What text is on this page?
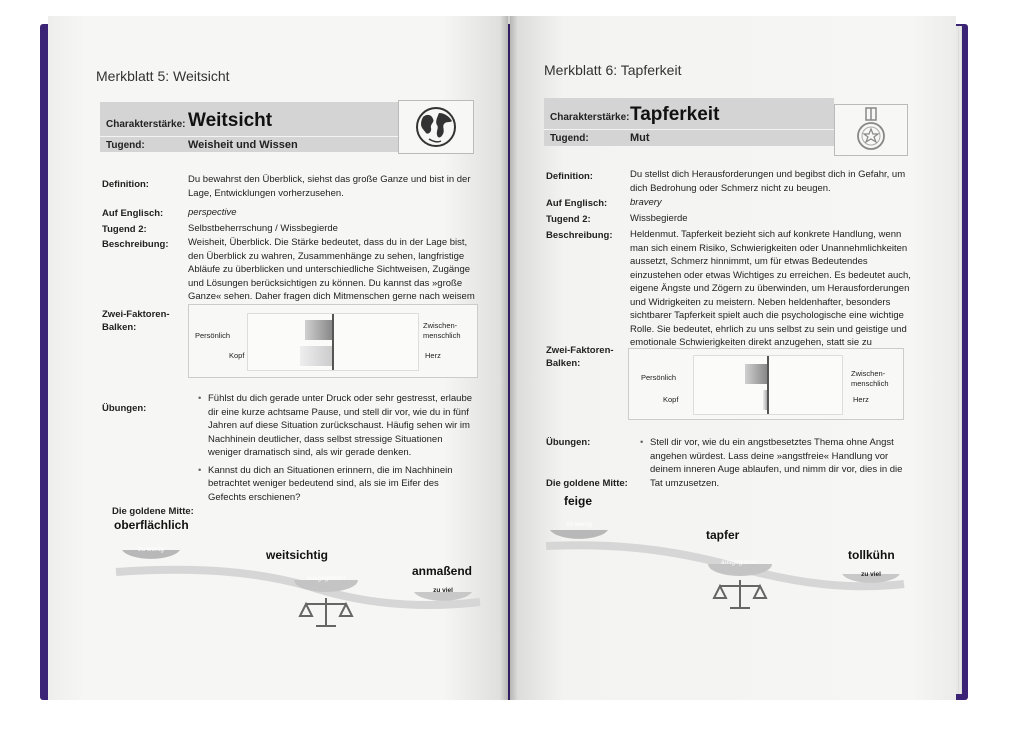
Merkblatt 5: Weitsicht
Charakterstärke: Weitsicht
Tugend:	Weisheit und Wissen
Definition:	Du bewahrst den Überblick, siehst das große Ganze und bist in der Lage, Entwicklungen vorherzusehen.
Auf Englisch:	perspective
Tugend 2:	Selbstbeherrschung / Wissbegierde
Beschreibung: Weisheit, Überblick. Die Stärke bedeutet, dass du in der Lage bist, den Überblick zu wahren, Zusammenhänge zu sehen, langfristige Abläufe zu überblicken und unterschiedliche Sichtweisen, Zugänge und Lösungen berücksichtigen zu können. Du kannst das »große Ganze« sehen. Daher fragen dich Mitmenschen gerne nach weisem
Zwei-Faktoren-Balken:
Persönlich
Kopf
Zwischen-menschlich
Herz
Übungen:
• Fühlst du dich gerade unter Druck oder sehr gestresst, erlaube dir eine kurze achtsame Pause, und stell dir vor, wie du in fünf Jahren auf diese Situation zurückschaust. Häufig sehen wir im Nachhinein deutlicher, dass selbst stressige Situationen weniger dramatisch sind, als wir gerade denken.
• Kannst du dich an Situationen erinnern, die im Nachhinein betrachtet weniger bedeutend sind, als sie im Eifer des Gefechts erschienen?
Die goldene Mitte:
oberflächlich
weitsichtig
anmaßend
zu wenig
ausgeglichen
zu viel
Merkblatt 6: Tapferkeit
Charakterstärke: Tapferkeit
Tugend:	Mut
Definition:	Du stellst dich Herausforderungen und begibst dich in Gefahr, um dich Bedrohung oder Schmerz nicht zu beugen.
Auf Englisch: bravery
Tugend 2:	Wissbegierde
Beschreibung: Heldenmut. Tapferkeit bezieht sich auf konkrete Handlung, wenn man sich einem Risiko, Schwierigkeiten oder Unannehmlichkeiten aussetzt, Schmerz hinnimmt, um für etwas Bedeutendes einzustehen oder etwas Wichtiges zu erreichen. Es bedeutet auch, eigene Ängste und Zögern zu überwinden, um Herausforderungen und Widrigkeiten zu meistern. Neben heldenhafter, besonders sichtbarer Tapferkeit spielt auch die psychologische eine wichtige Rolle. Sie bedeutet, ehrlich zu uns selbst zu sein und geistige und emotionale Schwierigkeiten direkt anzugehen, statt sie zu
Zwei-Faktoren-Balken:
Persönlich
Kopf
Zwischen-menschlich
Herz
Übungen:
•	Stell dir vor, wie du ein angstbesetztes Thema ohne Angst angehen würdest. Lass deine »angstfreie« Handlung vor deinem inneren Auge ablaufen, und nimm dir vor, dies in die Tat umzusetzen.
Die goldene Mitte:
feige
tapfer
tollkühn
zu wenig
ausgeglichen
zu viel
